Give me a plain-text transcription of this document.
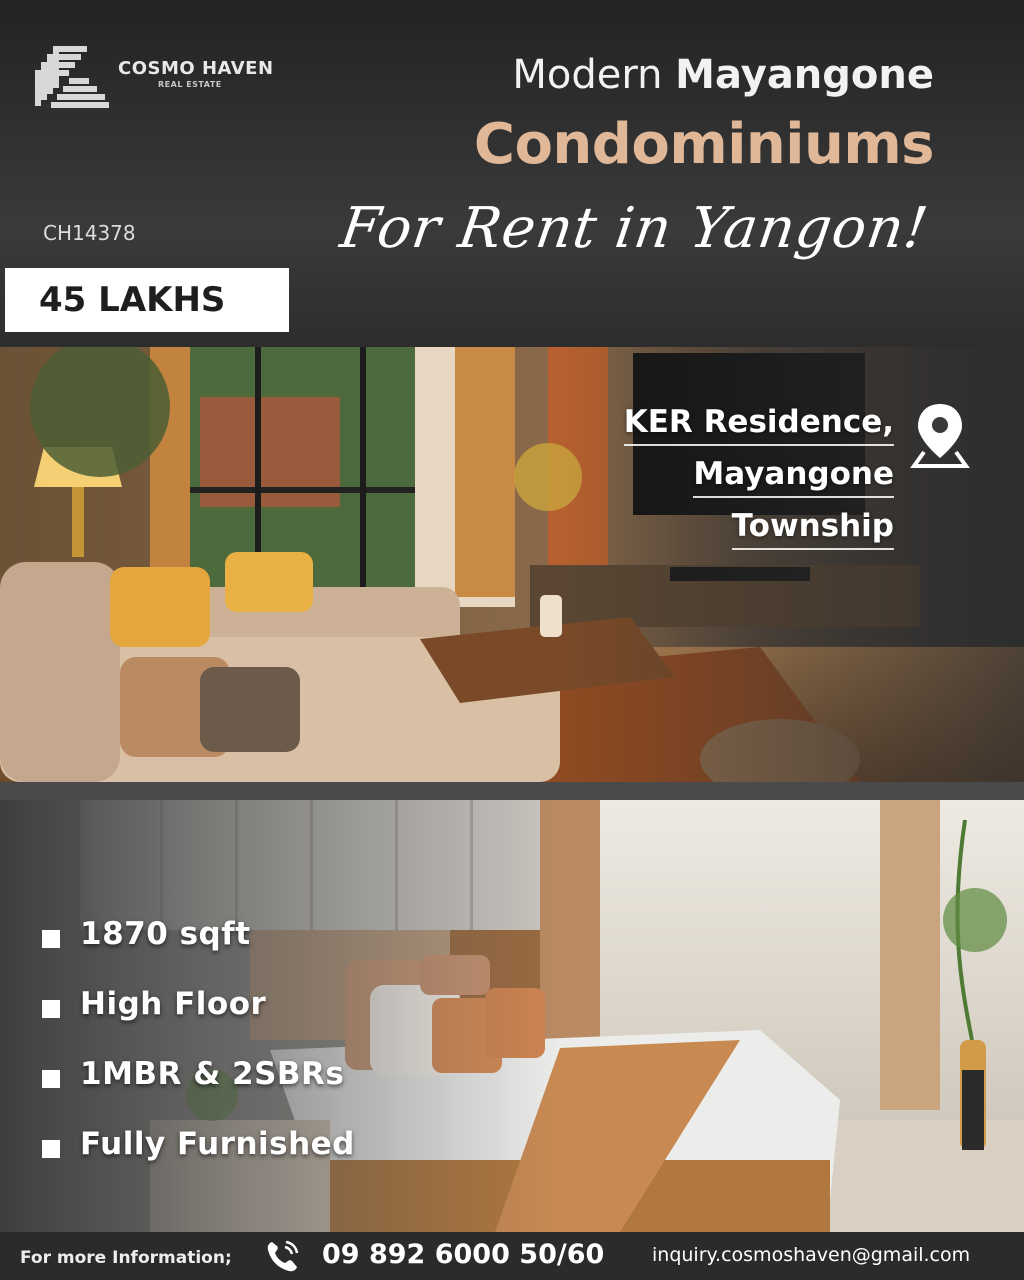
COSMO HAVEN
REAL ESTATE	Modern Mayangone
Condominiums
For Rent in Yangon!
CH14378
45 LAKHS
KER Residence,
Mayangone
Township
1870 sqft
High Floor
1MBR & 2SBRs
Fully Furnished
For more Information;	09 892 6000 50/60	inquiry.cosmoshaven@gmail.com
